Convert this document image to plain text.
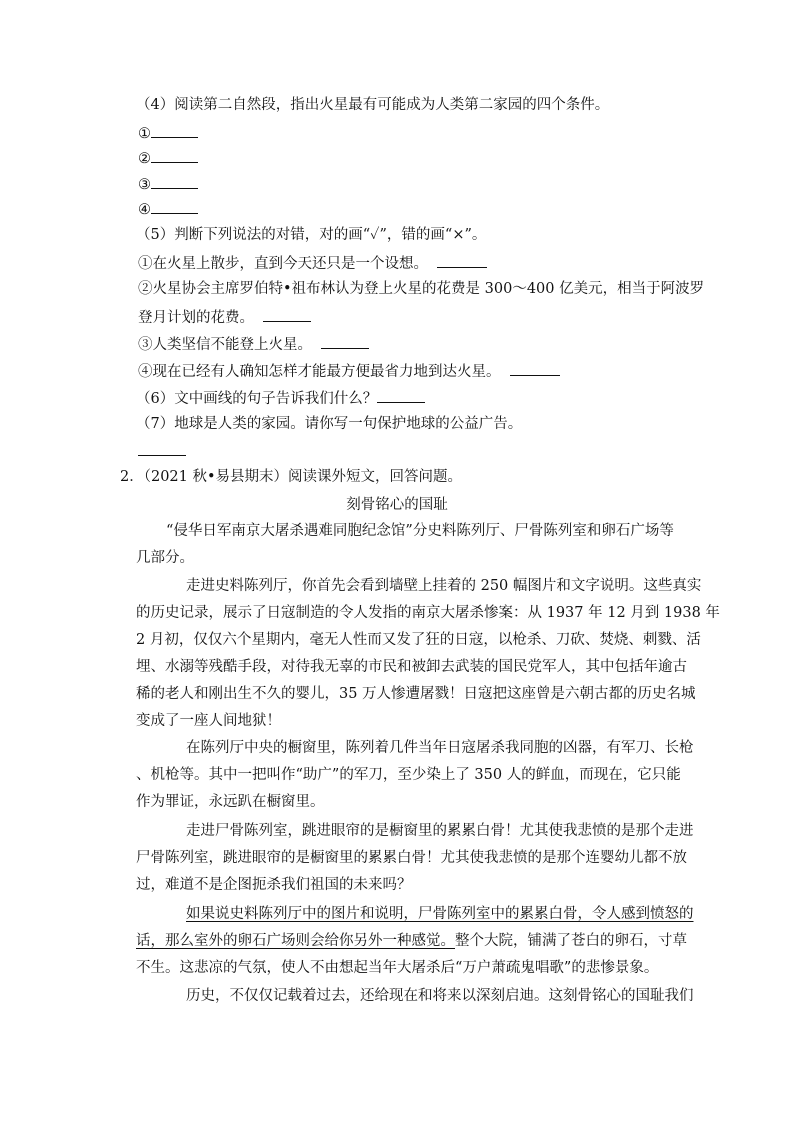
（4）阅读第二自然段，指出火星最有可能成为人类第二家园的四个条件。
①
②
③
④
（5）判断下列说法的对错，对的画“✓”，错的画“×”。
①在火星上散步，直到今天还只是一个设想。
②火星协会主席罗伯特•祖布林认为登上火星的花费是 300～400 亿美元，相当于阿波罗
登月计划的花费。
③人类坚信不能登上火星。
④现在已经有人确知怎样才能最方便最省力地到达火星。
（6）文中画线的句子告诉我们什么？
（7）地球是人类的家园。请你写一句保护地球的公益广告。
2．（2021 秋•易县期末）阅读课外短文，回答问题。
刻骨铭心的国耻
“侵华日军南京大屠杀遇难同胞纪念馆”分史料陈列厅、尸骨陈列室和卵石广场等
几部分。
走进史料陈列厅，你首先会看到墙壁上挂着的 250 幅图片和文字说明。这些真实
的历史记录，展示了日寇制造的令人发指的南京大屠杀惨案：从 1937 年 12 月到 1938 年
2 月初，仅仅六个星期内，毫无人性而又发了狂的日寇，以枪杀、刀砍、焚烧、刺戮、活
埋、水溺等残酷手段，对待我无辜的市民和被卸去武装的国民党军人，其中包括年逾古
稀的老人和刚出生不久的婴儿，35 万人惨遭屠戮！日寇把这座曾是六朝古都的历史名城
变成了一座人间地狱！
在陈列厅中央的橱窗里，陈列着几件当年日寇屠杀我同胞的凶器，有军刀、长枪
、机枪等。其中一把叫作“助广”的军刀，至少染上了 350 人的鲜血，而现在，它只能
作为罪证，永远趴在橱窗里。
走进尸骨陈列室，跳进眼帘的是橱窗里的累累白骨！尤其使我悲愤的是那个走进
尸骨陈列室，跳进眼帘的是橱窗里的累累白骨！尤其使我悲愤的是那个连婴幼儿都不放
过，难道不是企图扼杀我们祖国的未来吗？
如果说史料陈列厅中的图片和说明，尸骨陈列室中的累累白骨，令人感到愤怒的
话，那么室外的卵石广场则会给你另外一种感觉。整个大院，铺满了苍白的卵石，寸草
不生。这悲凉的气氛，使人不由想起当年大屠杀后“万户萧疏鬼唱歌”的悲惨景象。
历史，不仅仅记载着过去，还给现在和将来以深刻启迪。这刻骨铭心的国耻我们
